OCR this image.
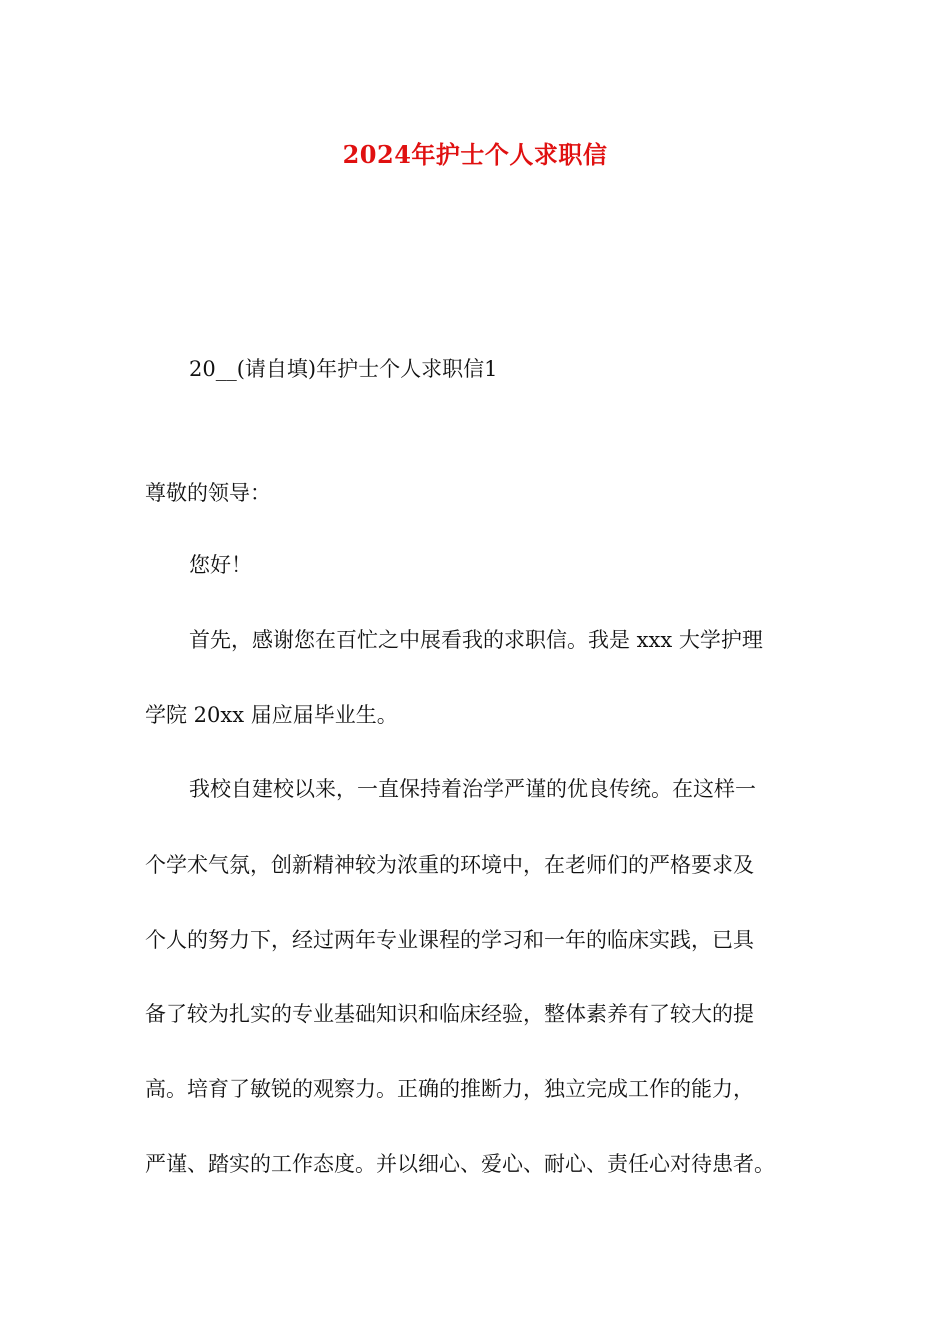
2024年护士个人求职信
20__(请自填)年护士个人求职信1
尊敬的领导：
您好！
首先，感谢您在百忙之中展看我的求职信。我是 xxx 大学护理
学院 20xx 届应届毕业生。
我校自建校以来，一直保持着治学严谨的优良传统。在这样一
个学术气氛，创新精神较为浓重的环境中，在老师们的严格要求及
个人的努力下，经过两年专业课程的学习和一年的临床实践，已具
备了较为扎实的专业基础知识和临床经验，整体素养有了较大的提
高。培育了敏锐的观察力。正确的推断力，独立完成工作的能力，
严谨、踏实的工作态度。并以细心、爱心、耐心、责任心对待患者。
